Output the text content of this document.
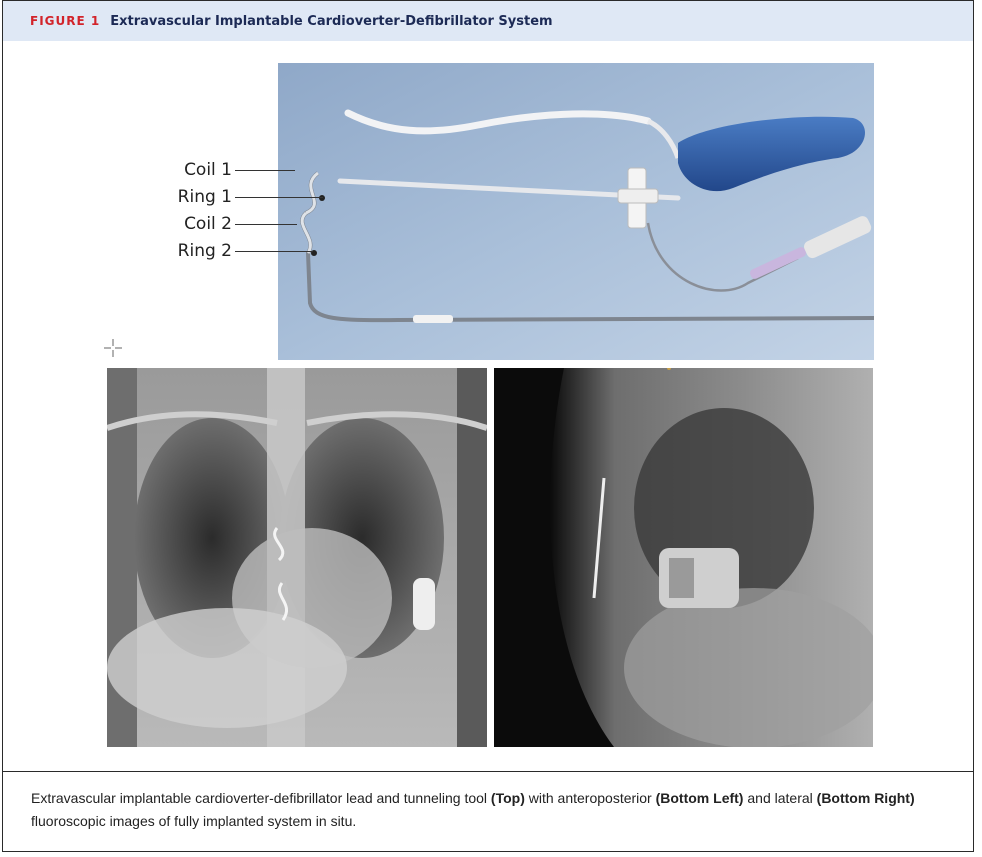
FIGURE 1 Extravascular Implantable Cardioverter-Defibrillator System
Coil 1
Ring 1
Coil 2
Ring 2

Extravascular implantable cardioverter-defibrillator lead and tunneling tool (Top) with anteroposterior (Bottom Left) and lateral (Bottom Right) fluoroscopic images of fully implanted system in situ.
